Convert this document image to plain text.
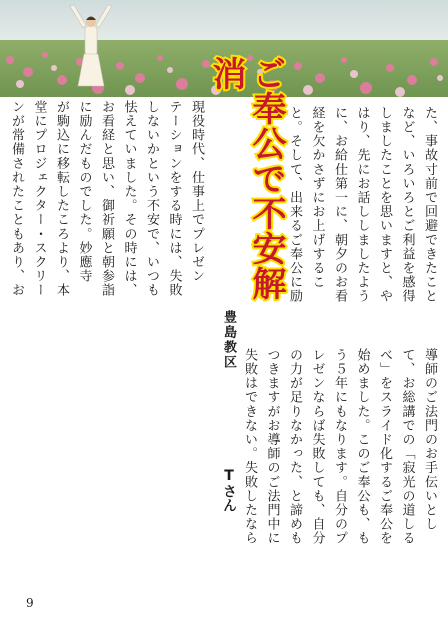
ご奉公で不安解消
た、事故寸前で回避できたこと
など、いろいろとご利益を感得
しましたことを思いますと、や
はり、先にお話ししましたよう
に、お給仕第一に、朝夕のお看
経を欠かさずにお上げするこ
と。そして、出来るご奉公に励
導師のご法門のお手伝いとし
て、お総講での「寂光の道しる
べ」をスライド化するご奉公を
始めました。このご奉公も、も
う５年にもなります。自分のプ
レゼンならば失敗しても、自分
の力が足りなかった、と諦めも
つきますがお導師のご法門中に
失敗はできない。失敗したなら
現役時代、仕事上でプレゼン
テーションをする時には、失敗
しないかという不安で、いつも
怯えていました。その時には、
お看経と思い、御祈願と朝参詣
に励んだものでした。妙應寺
が駒込に移転したころより、本
堂にプロジェクター・スクリー
ンが常備されたこともあり、お
豊島教区
Tさん
9
